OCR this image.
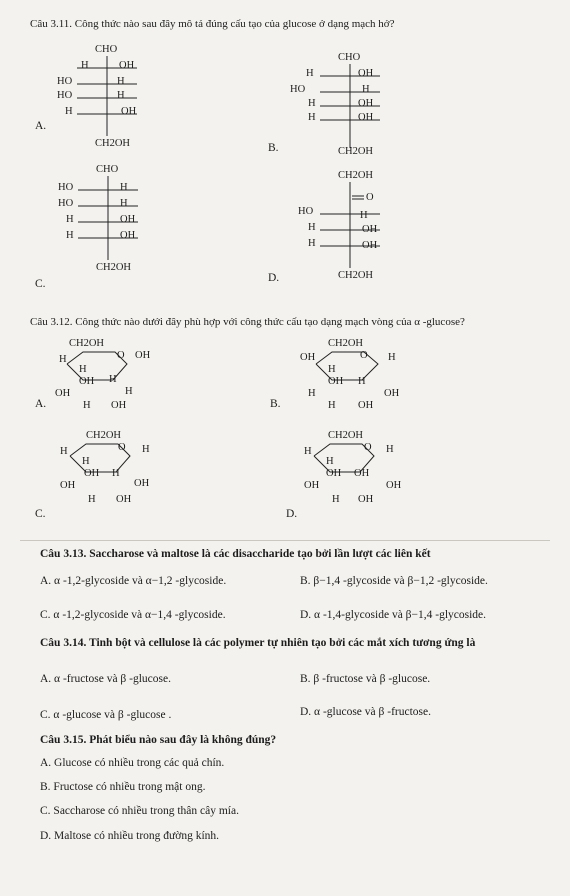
Câu 3.11. Công thức nào sau đây mô tả đúng cấu tạo của glucose ở dạng mạch hở?
CHO
H	OH
HO	H
HO	H
H	OH
CH2OH
A.
CHO
H	OH
HO	H
H	OH
H	OH
CH2OH
B.
CHO
HO	H
HO	H
H	OH
H	OH
CH2OH
C.
CH2OH
O
HO	H
H	OH
H	OH
CH2OH
D.
Câu 3.12. Công thức nào dưới đây phù hợp với công thức cấu tạo dạng mạch vòng của α -glucose?
CH2OH
H	O OH
H
OH H
OH	H
H OH
A.
CH2OH
OH	O H
H
OH H
H	OH
H OH
B.
CH2OH
H	O H
H
OH H
OH	OH
H OH
C.
CH2OH
H	O H
H
OH OH
OH	OH
H OH
D.
Câu 3.13. Saccharose và maltose là các disaccharide tạo bởi lần lượt các liên kết
A. α -1,2-glycoside và α−1,2 -glycoside.	B. β−1,4 -glycoside và β−1,2 -glycoside.
C. α -1,2-glycoside và α−1,4 -glycoside.	D. α -1,4-glycoside và β−1,4 -glycoside.
Câu 3.14. Tinh bột và cellulose là các polymer tự nhiên tạo bởi các mắt xích tương ứng là
A. α -fructose và β -glucose.	B. β -fructose và β -glucose.
C. α -glucose và β -glucose .	D. α -glucose và β -fructose.
Câu 3.15. Phát biểu nào sau đây là không đúng?
A. Glucose có nhiều trong các quả chín.
B. Fructose có nhiều trong mật ong.
C. Saccharose có nhiều trong thân cây mía.
D. Maltose có nhiều trong đường kính.
